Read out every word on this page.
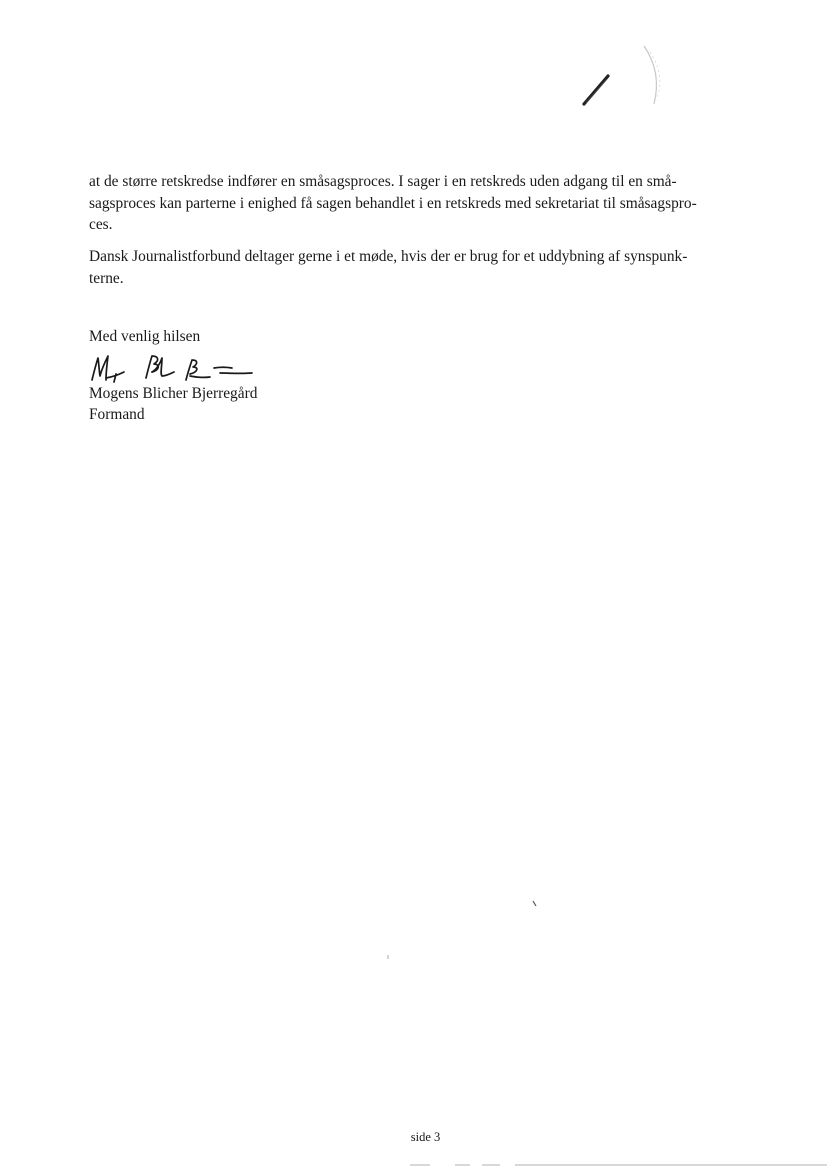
at de større retskredse indfører en småsagsproces. I sager i en retskreds uden adgang til en små-
sagsproces kan parterne i enighed få sagen behandlet i en retskreds med sekretariat til småsagspro-
ces.

Dansk Journalistforbund deltager gerne i et møde, hvis der er brug for et uddybning af synspunk-
terne.

Med venlig hilsen

Mogens Blicher Bjerregård

Formand

side 3
